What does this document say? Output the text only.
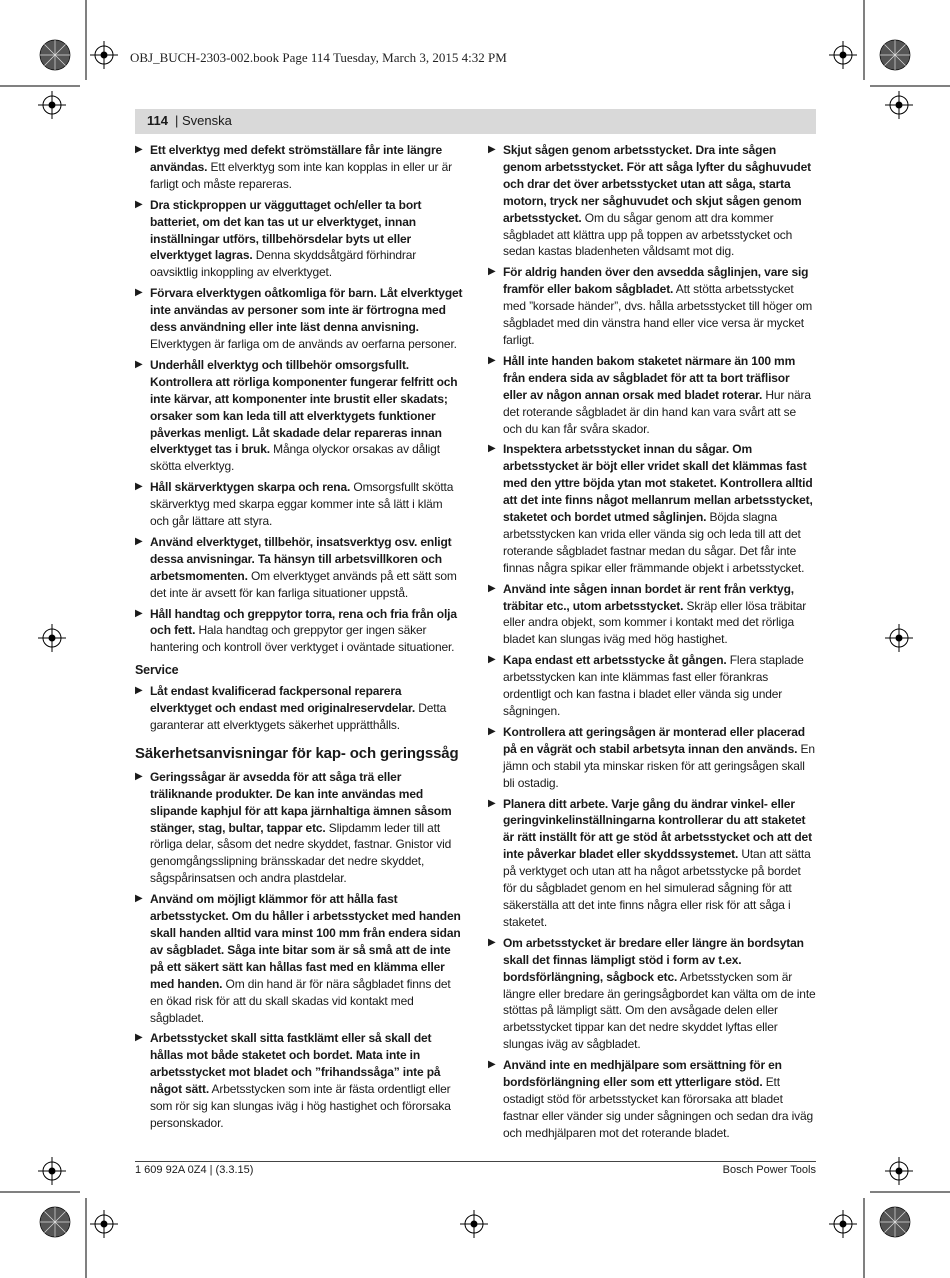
OBJ_BUCH-2303-002.book Page 114 Tuesday, March 3, 2015 4:32 PM
114 | Svenska
▶ Ett elverktyg med defekt strömställare får inte längre användas. Ett elverktyg som inte kan kopplas in eller ur är farligt och måste repareras.
▶ Dra stickproppen ur vägguttaget och/eller ta bort batteriet, om det kan tas ut ur elverktyget, innan inställningar utförs, tillbehörsdelar byts ut eller elverktyget lagras. Denna skyddsåtgärd förhindrar oavsiktlig inkoppling av elverktyget.
▶ Förvara elverktygen oåtkomliga för barn. Låt elverktyget inte användas av personer som inte är förtrogna med dess användning eller inte läst denna anvisning. Elverktygen är farliga om de används av oerfarna personer.
▶ Underhåll elverktyg och tillbehör omsorgsfullt. Kontrollera att rörliga komponenter fungerar felfritt och inte kärvar, att komponenter inte brustit eller skadats; orsaker som kan leda till att elverktygets funktioner påverkas menligt. Låt skadade delar repareras innan elverktyget tas i bruk. Många olyckor orsakas av dåligt skötta elverktyg.
▶ Håll skärverktygen skarpa och rena. Omsorgsfullt skötta skärverktyg med skarpa eggar kommer inte så lätt i kläm och går lättare att styra.
▶ Använd elverktyget, tillbehör, insatsverktyg osv. enligt dessa anvisningar. Ta hänsyn till arbetsvillkoren och arbetsmomenten. Om elverktyget används på ett sätt som det inte är avsett för kan farliga situationer uppstå.
▶ Håll handtag och greppytor torra, rena och fria från olja och fett. Hala handtag och greppytor ger ingen säker hantering och kontroll över verktyget i oväntade situationer.
Service
▶ Låt endast kvalificerad fackpersonal reparera elverktyget och endast med originalreservdelar. Detta garanterar att elverktygets säkerhet upprätthålls.
Säkerhetsanvisningar för kap- och geringssåg
▶ Geringssågar är avsedda för att såga trä eller träliknande produkter. De kan inte användas med slipande kaphjul för att kapa järnhaltiga ämnen såsom stänger, stag, bultar, tappar etc. Slipdamm leder till att rörliga delar, såsom det nedre skyddet, fastnar. Gnistor vid genomgångsslipning bränsskadar det nedre skyddet, sågspårinsatsen och andra plastdelar.
▶ Använd om möjligt klämmor för att hålla fast arbetsstycket. Om du håller i arbetsstycket med handen skall handen alltid vara minst 100 mm från endera sidan av sågbladet. Såga inte bitar som är så små att de inte på ett säkert sätt kan hållas fast med en klämma eller med handen. Om din hand är för nära sågbladet finns det en ökad risk för att du skall skadas vid kontakt med sågbladet.
▶ Arbetsstycket skall sitta fastklämt eller så skall det hållas mot både staketet och bordet. Mata inte in arbetsstycket mot bladet och ”frihandssåga” inte på något sätt. Arbetsstycken som inte är fästa ordentligt eller som rör sig kan slungas iväg i hög hastighet och förorsaka personskador.
▶ Skjut sågen genom arbetsstycket. Dra inte sågen genom arbetsstycket. För att såga lyfter du såghuvudet och drar det över arbetsstycket utan att såga, starta motorn, tryck ner såghuvudet och skjut sågen genom arbetsstycket. Om du sågar genom att dra kommer sågbladet att klättra upp på toppen av arbetsstycket och sedan kastas bladenheten våldsamt mot dig.
▶ För aldrig handen över den avsedda såglinjen, vare sig framför eller bakom sågbladet. Att stötta arbetsstycket med ”korsade händer”, dvs. hålla arbetsstycket till höger om sågbladet med din vänstra hand eller vice versa är mycket farligt.
▶ Håll inte handen bakom staketet närmare än 100 mm från endera sida av sågbladet för att ta bort träflisor eller av någon annan orsak med bladet roterar. Hur nära det roterande sågbladet är din hand kan vara svårt att se och du kan får svåra skador.
▶ Inspektera arbetsstycket innan du sågar. Om arbetsstycket är böjt eller vridet skall det klämmas fast med den yttre böjda ytan mot staketet. Kontrollera alltid att det inte finns något mellanrum mellan arbetsstycket, staketet och bordet utmed såglinjen. Böjda slagna arbetsstycken kan vrida eller vända sig och leda till att det roterande sågbladet fastnar medan du sågar. Det får inte finnas några spikar eller främmande objekt i arbetsstycket.
▶ Använd inte sågen innan bordet är rent från verktyg, träbitar etc., utom arbetsstycket. Skräp eller lösa träbitar eller andra objekt, som kommer i kontakt med det rörliga bladet kan slungas iväg med hög hastighet.
▶ Kapa endast ett arbetsstycke åt gången. Flera staplade arbetsstycken kan inte klämmas fast eller förankras ordentligt och kan fastna i bladet eller vända sig under sågningen.
▶ Kontrollera att geringsågen är monterad eller placerad på en vågrät och stabil arbetsyta innan den används. En jämn och stabil yta minskar risken för att geringsågen skall bli ostadig.
▶ Planera ditt arbete. Varje gång du ändrar vinkel- eller geringvinkelinställningarna kontrollerar du att staketet är rätt inställt för att ge stöd åt arbetsstycket och att det inte påverkar bladet eller skyddssystemet. Utan att sätta på verktyget och utan att ha något arbetsstycke på bordet för du sågbladet genom en hel simulerad sågning för att säkerställa att det inte finns några eller risk för att såga i staketet.
▶ Om arbetsstycket är bredare eller längre än bordsytan skall det finnas lämpligt stöd i form av t.ex. bordsförlängning, sågbock etc. Arbetsstycken som är längre eller bredare än geringsågbordet kan välta om de inte stöttas på lämpligt sätt. Om den avsågade delen eller arbetsstycket tippar kan det nedre skyddet lyftas eller slungas iväg av sågbladet.
▶ Använd inte en medhjälpare som ersättning för en bordsförlängning eller som ett ytterligare stöd. Ett ostadigt stöd för arbetsstycket kan förorsaka att bladet fastnar eller vänder sig under sågningen och sedan dra iväg och medhjälparen mot det roterande bladet.
1 609 92A 0Z4 | (3.3.15)	Bosch Power Tools
